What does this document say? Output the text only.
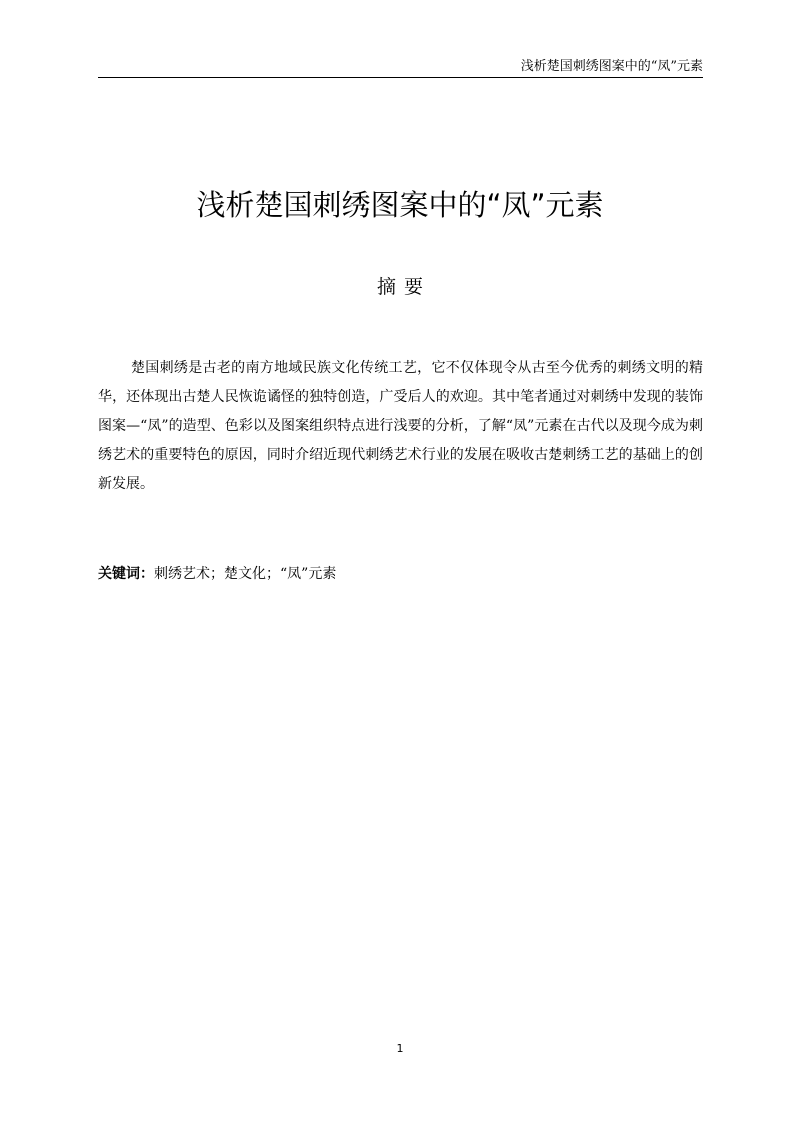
浅析楚国刺绣图案中的“凤”元素
浅析楚国刺绣图案中的“凤”元素
摘要

楚国刺绣是古老的南方地域民族文化传统工艺，它不仅体现令从古至今优秀的刺绣文明的精华，还体现出古楚人民恢诡谲怪的独特创造，广受后人的欢迎。其中笔者通过对刺绣中发现的装饰图案—“凤”的造型、色彩以及图案组织特点进行浅要的分析，了解“凤”元素在古代以及现今成为刺绣艺术的重要特色的原因，同时介绍近现代刺绣艺术行业的发展在吸收古楚刺绣工艺的基础上的创新发展。

关键词：刺绣艺术；楚文化；“凤”元素
1
